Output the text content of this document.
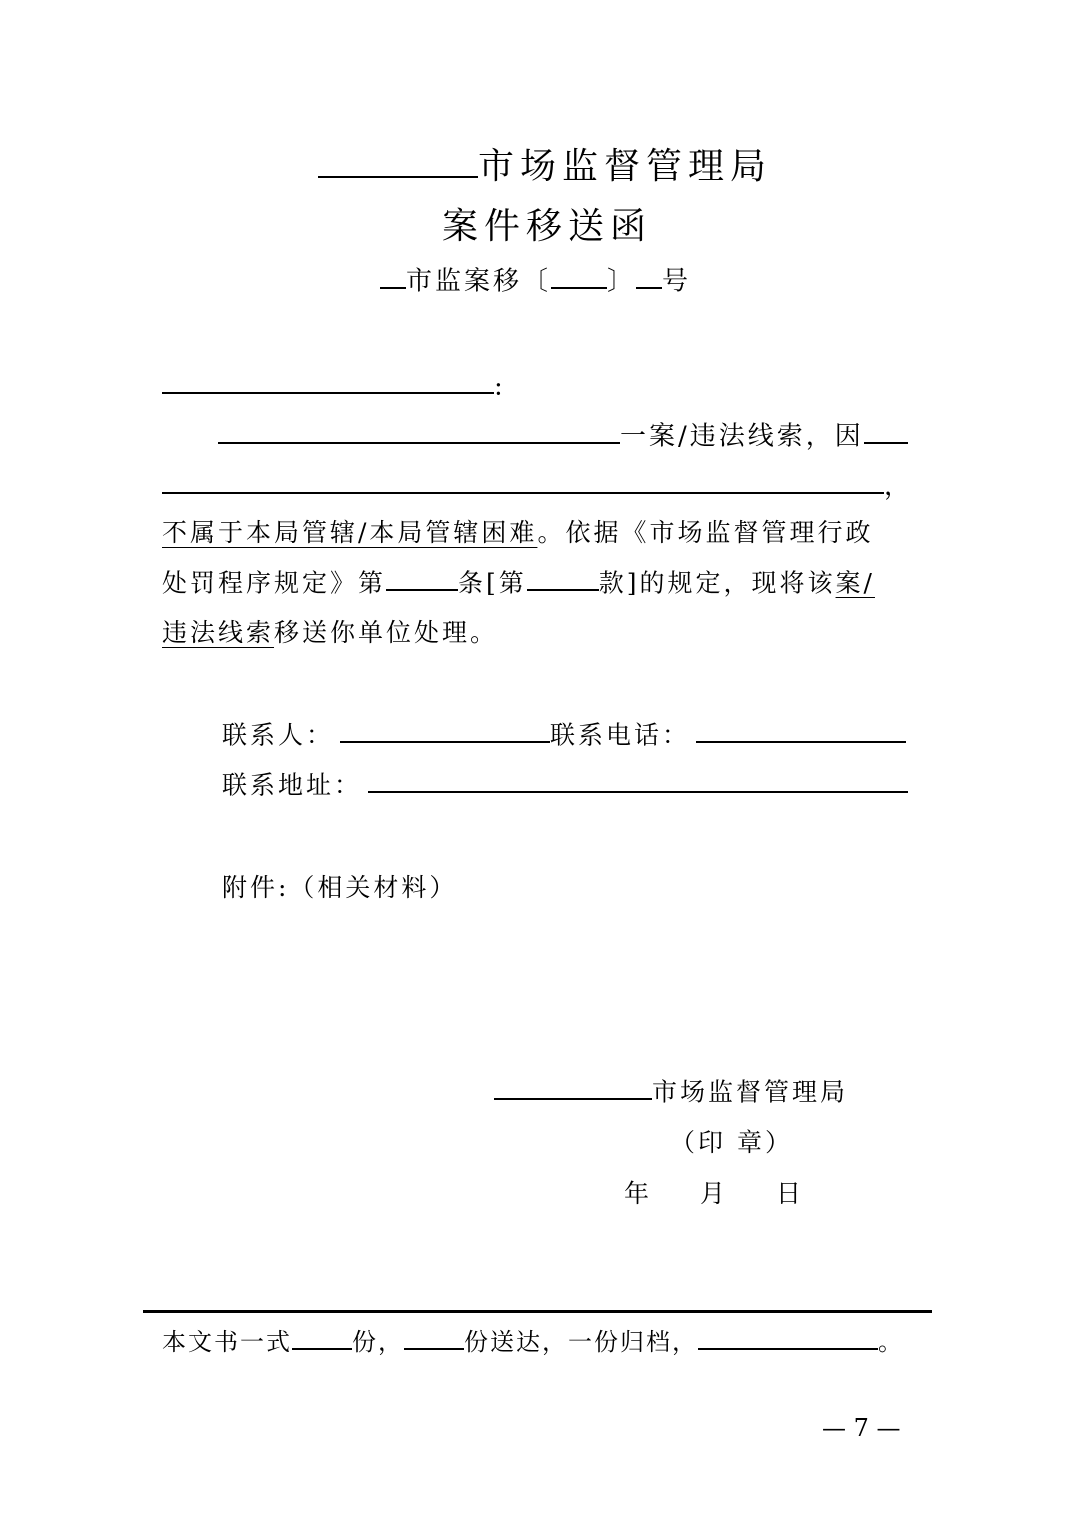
市场监督管理局
案件移送函
市监案移〔 〕 号
:
一案/违法线索，因
，
不属于本局管辖/本局管辖困难。依据《市场监督管理行政
处罚程序规定》第	条[第	款]的规定，现将该案/
违法线索移送你单位处理。
联系人：	联系电话：
联系地址：
附件:（相关材料）
市场监督管理局
（印 章）
年 月 日
本文书一式	份，	份送达，一份归档，	。
— 7 —
